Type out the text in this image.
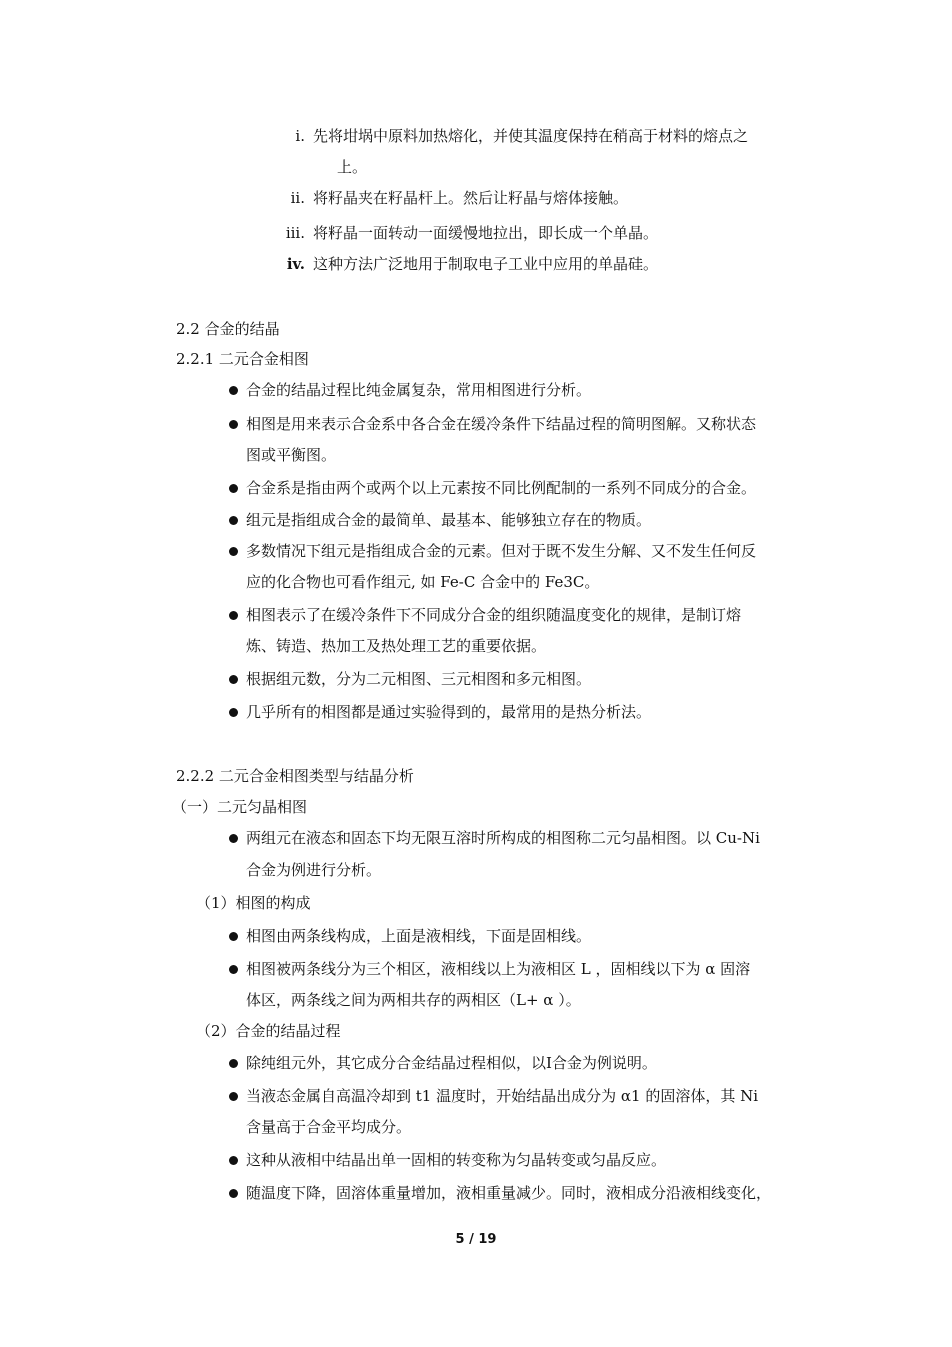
i. 先将坩埚中原料加热熔化，并使其温度保持在稍高于材料的熔点之
上。
ii. 将籽晶夹在籽晶杆上。然后让籽晶与熔体接触。
iii. 将籽晶一面转动一面缓慢地拉出，即长成一个单晶。
iv. 这种方法广泛地用于制取电子工业中应用的单晶硅。
2.2 合金的结晶
2.2.1 二元合金相图
合金的结晶过程比纯金属复杂，常用相图进行分析。
相图是用来表示合金系中各合金在缓冷条件下结晶过程的简明图解。又称状态
图或平衡图。
合金系是指由两个或两个以上元素按不同比例配制的一系列不同成分的合金。
组元是指组成合金的最简单、最基本、能够独立存在的物质。
多数情况下组元是指组成合金的元素。但对于既不发生分解、又不发生任何反
应的化合物也可看作组元, 如 Fe-C 合金中的 Fe3C。
相图表示了在缓冷条件下不同成分合金的组织随温度变化的规律，是制订熔
炼、铸造、热加工及热处理工艺的重要依据。
根据组元数，分为二元相图、三元相图和多元相图。
几乎所有的相图都是通过实验得到的，最常用的是热分析法。
2.2.2 二元合金相图类型与结晶分析
（一）二元匀晶相图
两组元在液态和固态下均无限互溶时所构成的相图称二元匀晶相图。以 Cu-Ni
合金为例进行分析。
（1）相图的构成
相图由两条线构成，上面是液相线，下面是固相线。
相图被两条线分为三个相区，液相线以上为液相区 L ，固相线以下为 α 固溶
体区，两条线之间为两相共存的两相区（L+ α ）。
（2）合金的结晶过程
除纯组元外，其它成分合金结晶过程相似，以Ⅰ合金为例说明。
当液态金属自高温冷却到 t1 温度时，开始结晶出成分为 α1 的固溶体，其 Ni
含量高于合金平均成分。
这种从液相中结晶出单一固相的转变称为匀晶转变或匀晶反应。
随温度下降，固溶体重量增加，液相重量减少。同时，液相成分沿液相线变化，
5 / 19
